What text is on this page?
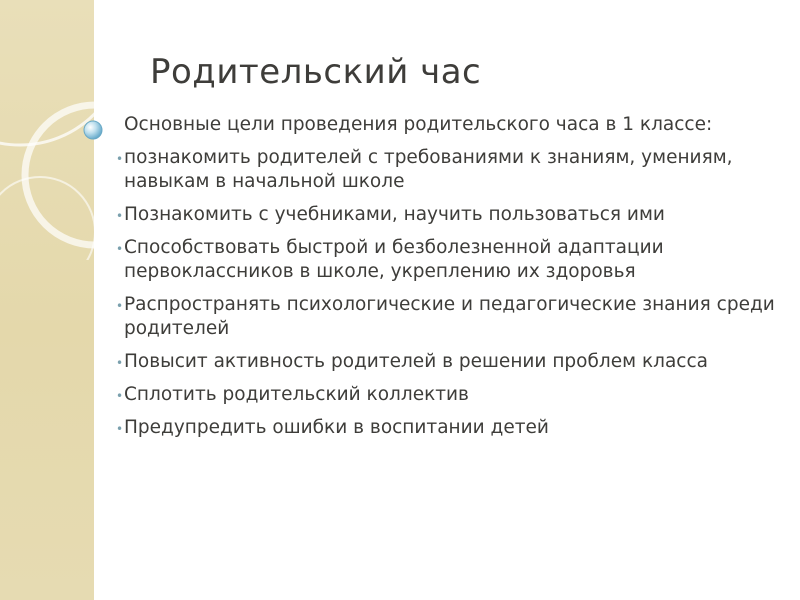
Родительский час
Основные цели проведения родительского часа в 1 классе:
• познакомить родителей с требованиями к знаниям, умениям, навыкам в начальной школе
• Познакомить с учебниками, научить пользоваться ими
• Способствовать быстрой и безболезненной адаптации первоклассников в школе, укреплению их здоровья
• Распространять психологические и педагогические знания среди родителей
• Повысит активность родителей в решении проблем класса
• Сплотить родительский коллектив
• Предупредить ошибки в воспитании детей
